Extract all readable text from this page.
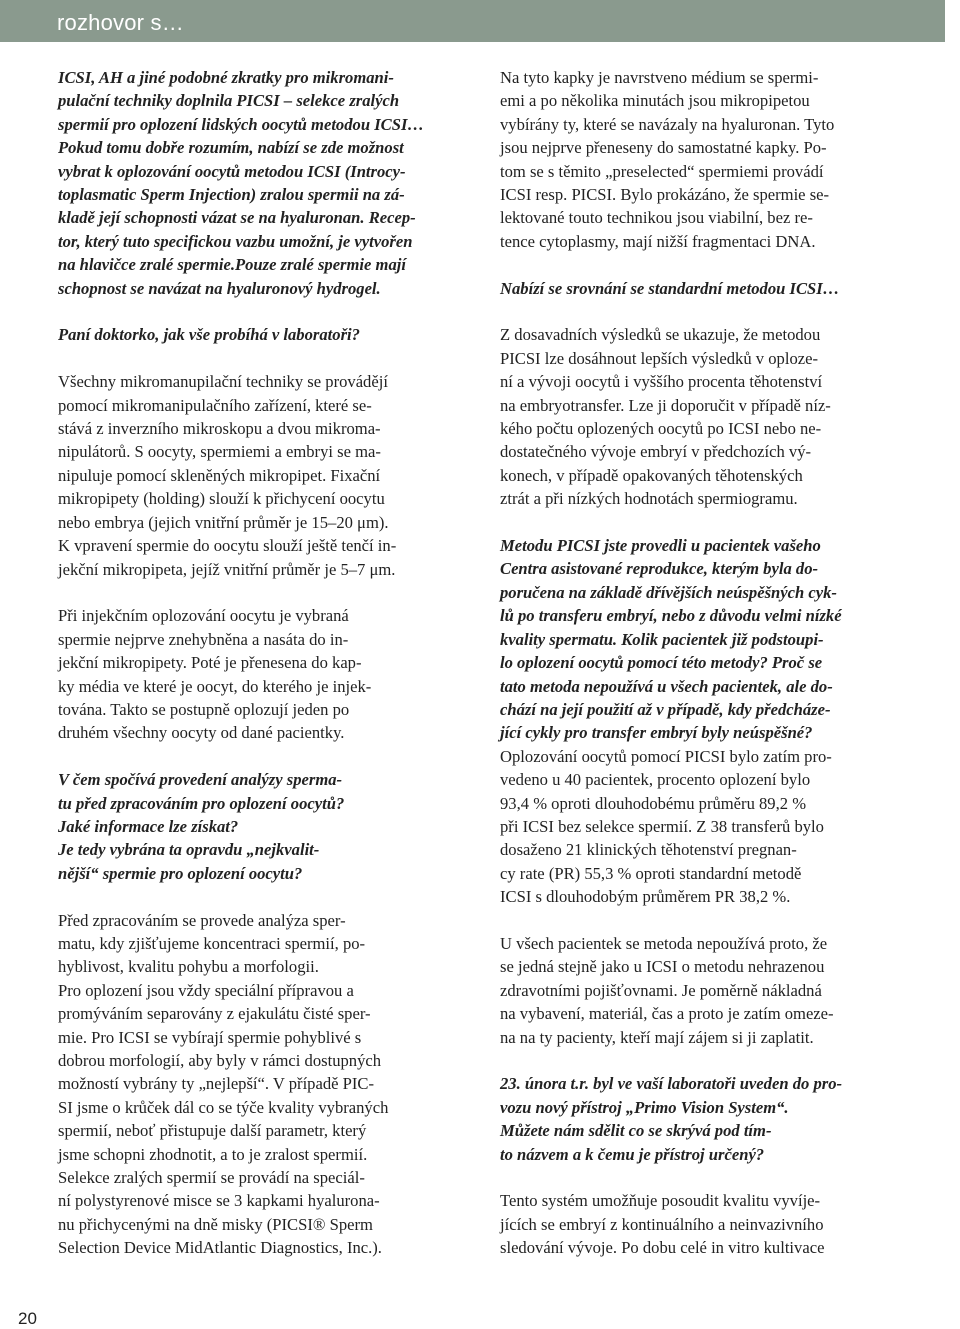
rozhovor s…

ICSI, AH a jiné podobné zkratky pro mikromani-
pulační techniky doplnila PICSI – selekce zralých
spermií pro oplození lidských oocytů metodou ICSI…
Pokud tomu dobře rozumím, nabízí se zde možnost
vybrat k oplozování oocytů metodou ICSI (Introcy-
toplasmatic Sperm Injection) zralou spermii na zá-
kladě její schopnosti vázat se na hyaluronan. Recep-
tor, který tuto specifickou vazbu umožní, je vytvořen
na hlavičce zralé spermie.Pouze zralé spermie mají
schopnost se navázat na hyaluronový hydrogel.

Paní doktorko, jak vše probíhá v laboratoři?

Všechny mikromanupilační techniky se provádějí
pomocí mikromanipulačního zařízení, které se-
stává z inverzního mikroskopu a dvou mikroma-
nipulátorů. S oocyty, spermiemi a embryi se ma-
nipuluje pomocí skleněných mikropipet. Fixační
mikropipety (holding) slouží k přichycení oocytu
nebo embrya (jejich vnitřní průměr je 15–20 μm).
K vpravení spermie do oocytu slouží ještě tenčí in-
jekční mikropipeta, jejíž vnitřní průměr je 5–7 μm.

Při injekčním oplozování oocytu je vybraná
spermie nejprve znehybněna a nasáta do in-
jekční mikropipety. Poté je přenesena do kap-
ky média ve které je oocyt, do kterého je injek-
tována. Takto se postupně oplozují jeden po
druhém všechny oocyty od dané pacientky.

V čem spočívá provedení analýzy sperma-
tu před zpracováním pro oplození oocytů?
Jaké informace lze získat?
Je tedy vybrána ta opravdu „nejkvalit-
nější“ spermie pro oplození oocytu?

Před zpracováním se provede analýza sper-
matu, kdy zjišťujeme koncentraci spermií, po-
hyblivost, kvalitu pohybu a morfologii.
Pro oplození jsou vždy speciální přípravou a
promýváním separovány z ejakulátu čisté sper-
mie. Pro ICSI se vybírají spermie pohyblivé s
dobrou morfologií, aby byly v rámci dostupných
možností vybrány ty „nejlepší“. V případě PIC-
SI jsme o krůček dál co se týče kvality vybraných
spermií, neboť přistupuje další parametr, který
jsme schopni zhodnotit, a to je zralost spermií.
Selekce zralých spermií se provádí na speciál-
ní polystyrenové misce se 3 kapkami hyalurona-
nu přichycenými na dně misky (PICSI® Sperm
Selection Device MidAtlantic Diagnostics, Inc.).

Na tyto kapky je navrstveno médium se spermi-
emi a po několika minutách jsou mikropipetou
vybírány ty, které se navázaly na hyaluronan. Tyto
jsou nejprve přeneseny do samostatné kapky. Po-
tom se s těmito „preselected“ spermiemi provádí
ICSI resp. PICSI. Bylo prokázáno, že spermie se-
lektované touto technikou jsou viabilní, bez re-
tence cytoplasmy, mají nižší fragmentaci DNA.

Nabízí se srovnání se standardní metodou ICSI…

Z dosavadních výsledků se ukazuje, že metodou
PICSI lze dosáhnout lepších výsledků v oploze-
ní a vývoji oocytů i vyššího procenta těhotenství
na embryotransfer. Lze ji doporučit v případě níz-
kého počtu oplozených oocytů po ICSI nebo ne-
dostatečného vývoje embryí v předchozích vý-
konech, v případě opakovaných těhotenských
ztrát a při nízkých hodnotách spermiogramu.

Metodu PICSI jste provedli u pacientek vašeho
Centra asistované reprodukce, kterým byla do-
poručena na základě dřívějších neúspěšných cyk-
lů po transferu embryí, nebo z důvodu velmi nízké
kvality spermatu. Kolik pacientek již podstoupi-
lo oplození oocytů pomocí této metody? Proč se
tato metoda nepoužívá u všech pacientek, ale do-
chází na její použití až v případě, kdy předcháze-
jící cykly pro transfer embryí byly neúspěšné?

Oplozování oocytů pomocí PICSI bylo zatím pro-
vedeno u 40 pacientek, procento oplození bylo
93,4 % oproti dlouhodobému průměru 89,2 %
při ICSI bez selekce spermií. Z 38 transferů bylo
dosaženo 21 klinických těhotenství pregnan-
cy rate (PR) 55,3 % oproti standardní metodě
ICSI s dlouhodobým průměrem PR 38,2 %.

U všech pacientek se metoda nepoužívá proto, že
se jedná stejně jako u ICSI o metodu nehrazenou
zdravotními pojišťovnami. Je poměrně nákladná
na vybavení, materiál, čas a proto je zatím omeze-
na na ty pacienty, kteří mají zájem si ji zaplatit.

23. února t.r. byl ve vaší laboratoři uveden do pro-
vozu nový přístroj „Primo Vision System“.
Můžete nám sdělit co se skrývá pod tím-
to názvem a k čemu je přístroj určený?

Tento systém umožňuje posoudit kvalitu vyvíje-
jících se embryí z kontinuálního a neinvazivního
sledování vývoje. Po dobu celé in vitro kultivace

20
